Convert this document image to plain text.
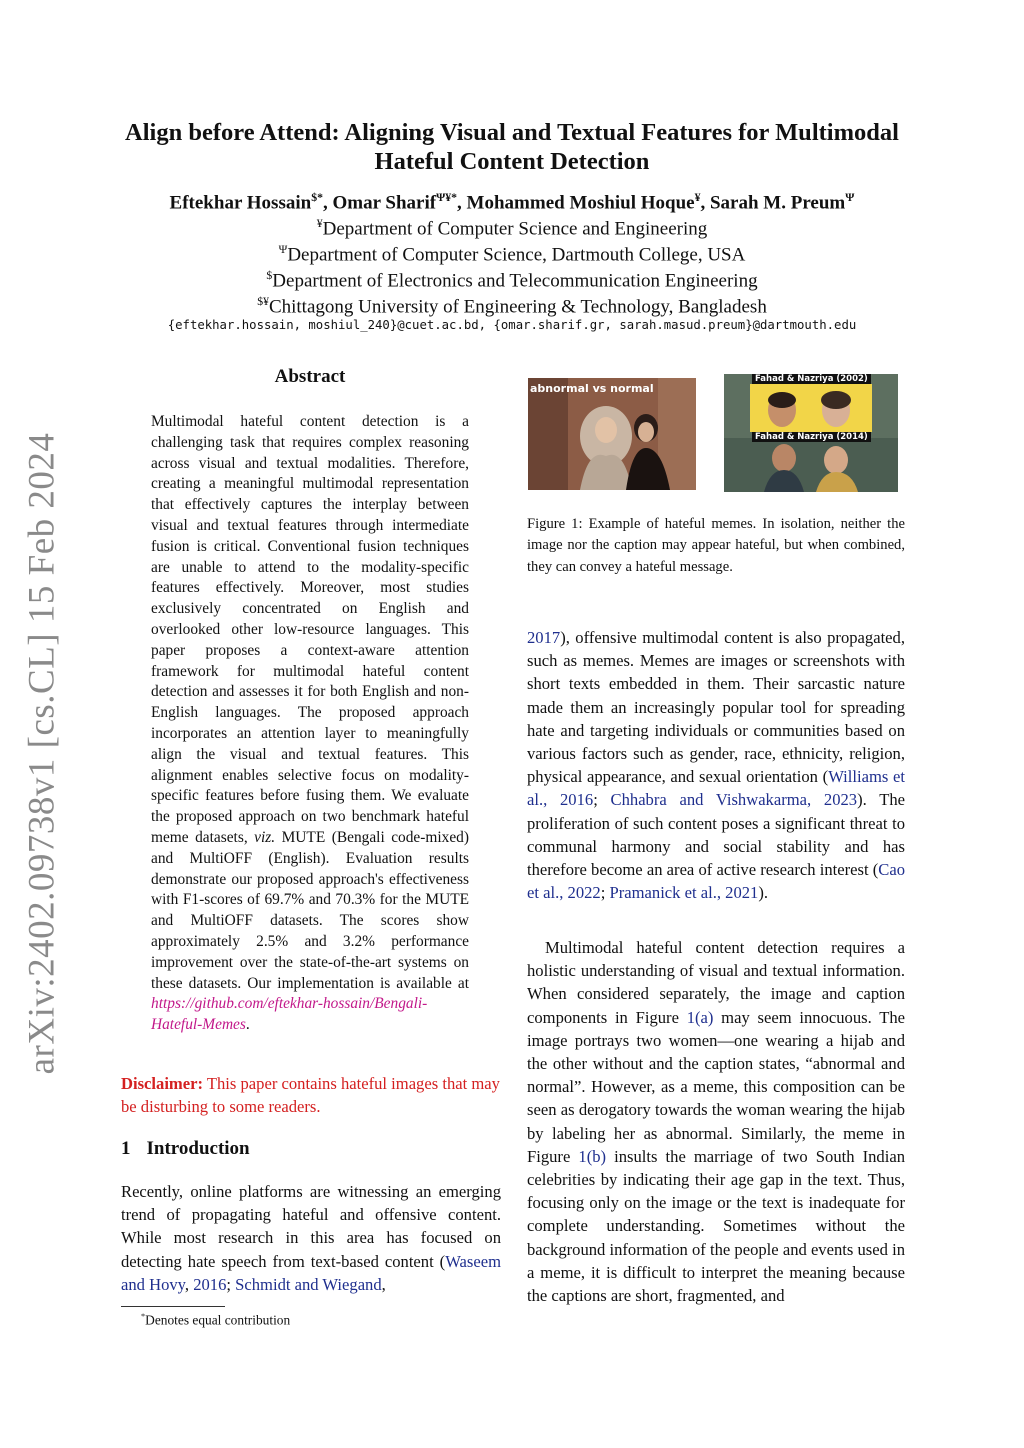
arXiv:2402.09738v1 [cs.CL] 15 Feb 2024
Align before Attend: Aligning Visual and Textual Features for Multimodal Hateful Content Detection
Eftekhar Hossain$*, Omar Sharif$^{\Psi¥*}$, Mohammed Moshiul Hoque¥, Sarah M. Preum$^\Psi$
¥Department of Computer Science and Engineering
$^\Psi$Department of Computer Science, Dartmouth College, USA
$Department of Electronics and Telecommunication Engineering
$¥Chittagong University of Engineering & Technology, Bangladesh
{eftekhar.hossain, moshiul_240}@cuet.ac.bd, {omar.sharif.gr, sarah.masud.preum}@dartmouth.edu
Abstract
Multimodal hateful content detection is a challenging task that requires complex reasoning across visual and textual modalities. Therefore, creating a meaningful multimodal representation that effectively captures the interplay between visual and textual features through intermediate fusion is critical. Conventional fusion techniques are unable to attend to the modality-specific features effectively. Moreover, most studies exclusively concentrated on English and overlooked other low-resource languages. This paper proposes a context-aware attention framework for multimodal hateful content detection and assesses it for both English and non-English languages. The proposed approach incorporates an attention layer to meaningfully align the visual and textual features. This alignment enables selective focus on modality-specific features before fusing them. We evaluate the proposed approach on two benchmark hateful meme datasets, viz. MUTE (Bengali code-mixed) and MultiOFF (English). Evaluation results demonstrate our proposed approach's effectiveness with F1-scores of 69.7% and 70.3% for the MUTE and MultiOFF datasets. The scores show approximately 2.5% and 3.2% performance improvement over the state-of-the-art systems on these datasets. Our implementation is available at https://github.com/eftekhar-hossain/Bengali-Hateful-Memes.
Disclaimer: This paper contains hateful images that may be disturbing to some readers.
1 Introduction
Recently, online platforms are witnessing an emerging trend of propagating hateful and offensive content. While most research in this area has focused on detecting hate speech from text-based content (Waseem and Hovy, 2016; Schmidt and Wiegand,
*Denotes equal contribution
abnormal vs normal
Fahad & Nazriya (2002)
Fahad & Nazriya (2014)
Figure 1: Example of hateful memes. In isolation, neither the image nor the caption may appear hateful, but when combined, they can convey a hateful message.
2017), offensive multimodal content is also propagated, such as memes. Memes are images or screenshots with short texts embedded in them. Their sarcastic nature made them an increasingly popular tool for spreading hate and targeting individuals or communities based on various factors such as gender, race, ethnicity, religion, physical appearance, and sexual orientation (Williams et al., 2016; Chhabra and Vishwakarma, 2023). The proliferation of such content poses a significant threat to communal harmony and social stability and has therefore become an area of active research interest (Cao et al., 2022; Pramanick et al., 2021).
Multimodal hateful content detection requires a holistic understanding of visual and textual information. When considered separately, the image and caption components in Figure 1(a) may seem innocuous. The image portrays two women—one wearing a hijab and the other without and the caption states, “abnormal and normal”. However, as a meme, this composition can be seen as derogatory towards the woman wearing the hijab by labeling her as abnormal. Similarly, the meme in Figure 1(b) insults the marriage of two South Indian celebrities by indicating their age gap in the text. Thus, focusing only on the image or the text is inadequate for complete understanding. Sometimes without the background information of the people and events used in a meme, it is difficult to interpret the meaning because the captions are short, fragmented, and
